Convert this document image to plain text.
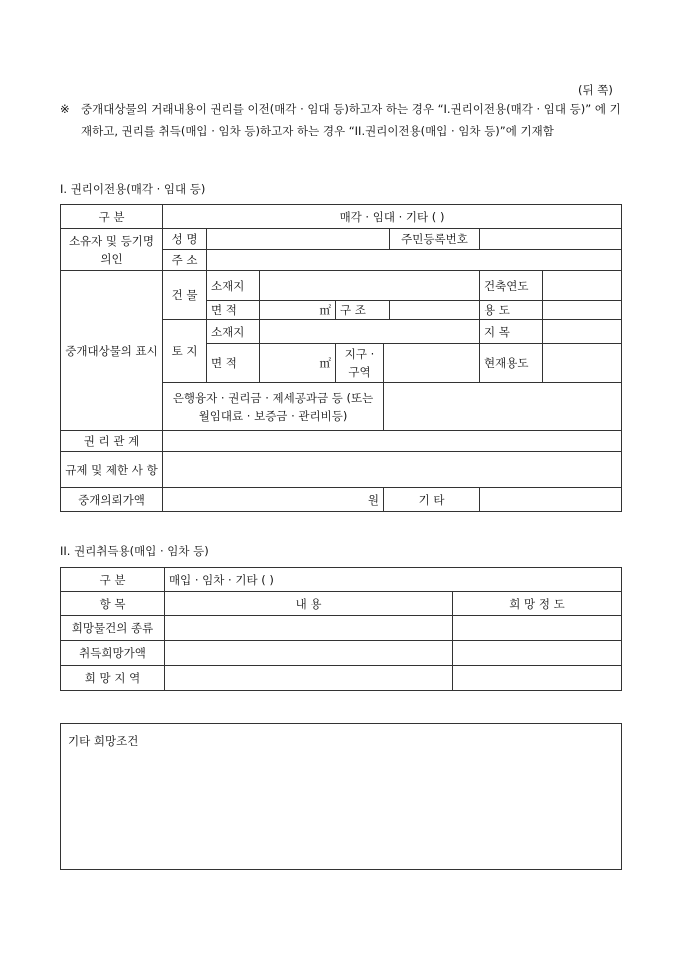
(뒤 쪽)
※ 중개대상물의 거래내용이 권리를 이전(매각 · 임대 등)하고자 하는 경우 “I.권리이전용(매각 · 임대 등)” 에 기재하고, 권리를 취득(매입 · 임차 등)하고자 하는 경우 “II.권리이전용(매입 · 임차 등)”에 기재함
I. 권리이전용(매각 · 임대 등)
구 분	매각 · 임대 · 기타 ( )							
소유자 및 등기명의인	성 명					주민등록번호		
	주 소							
중개대상물의 표시	건 물	소재지					건축연도	
		면 적	㎡	구 조			용 도	
	토 지	소재지					지 목	
		면 적	㎡	지구 · 구역			현재용도	
	은행융자 · 권리금 · 제세공과금 등 (또는 월임대료 · 보증금 · 관리비등)							
권 리 관 계								
규제 및 제한 사 항								
중개의뢰가액	원				기 타			
II. 권리취득용(매입 · 임차 등)
구 분	매입 · 임차 · 기타 ( )	
항 목	내 용	희 망 정 도
희망물건의 종류		
취득희망가액		
희 망 지 역		
기타 희망조건
